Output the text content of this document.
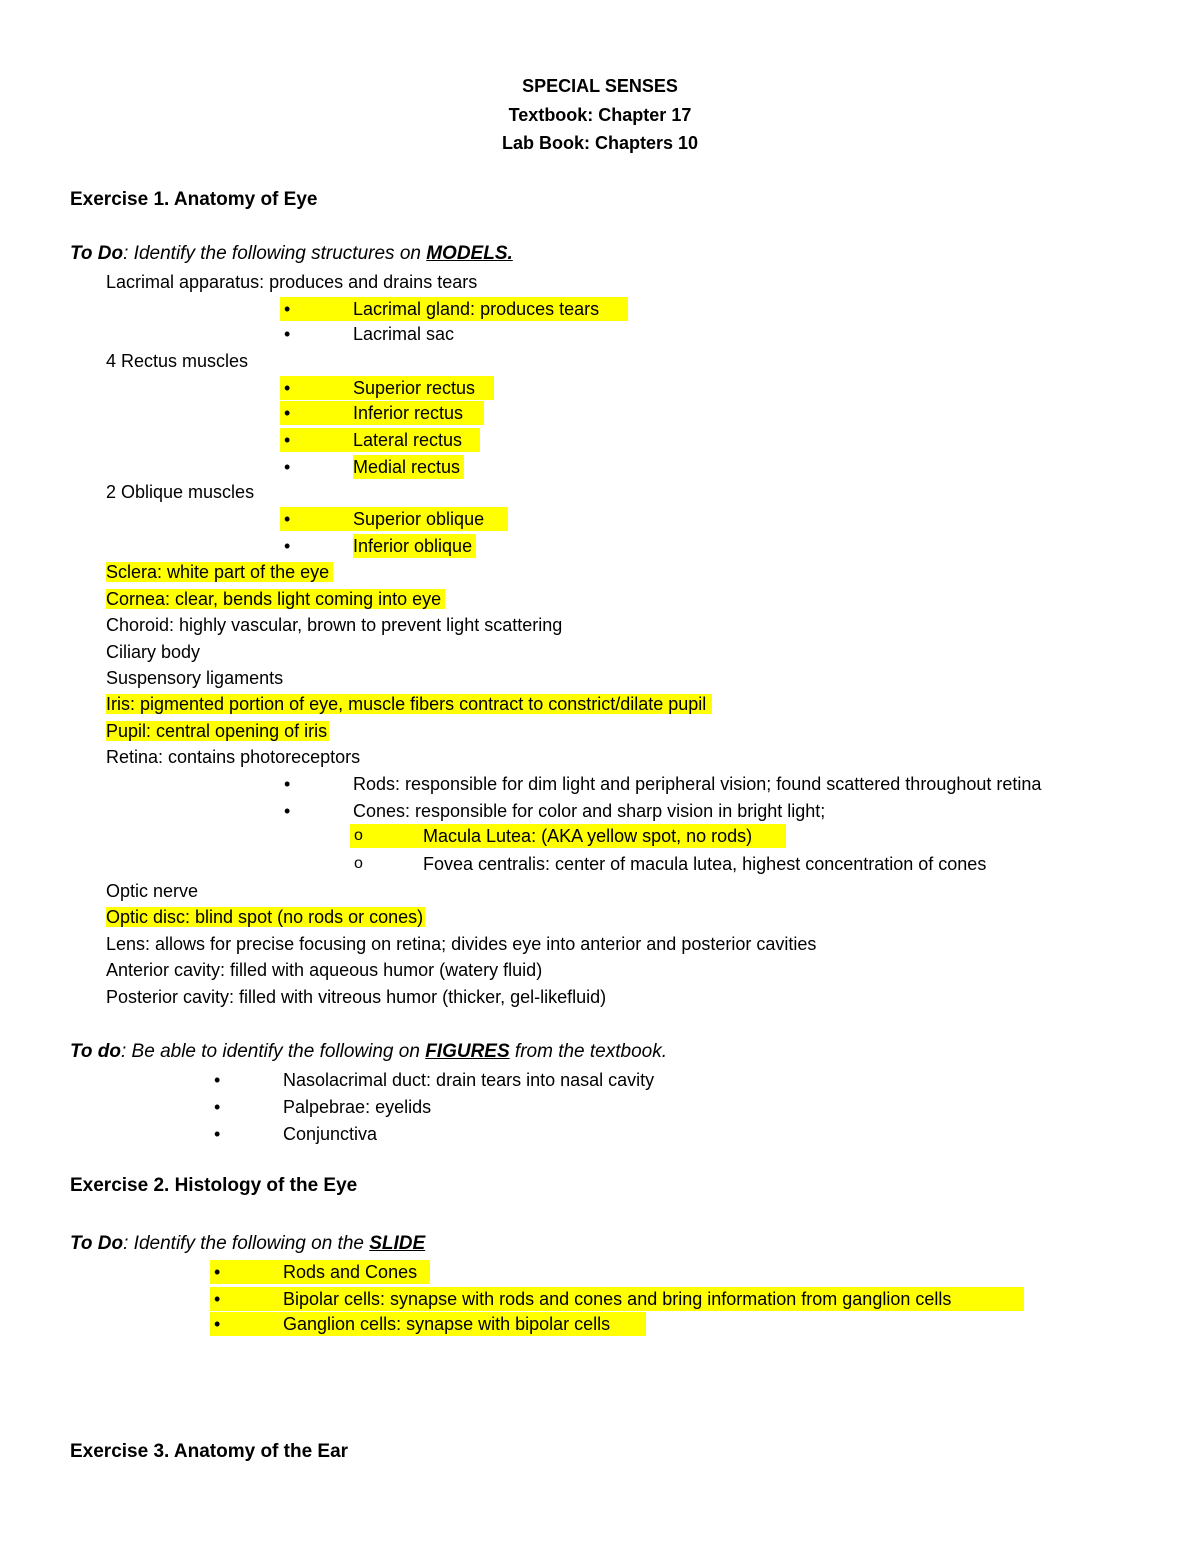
SPECIAL SENSES
Textbook: Chapter 17
Lab Book: Chapters 10
Exercise 1. Anatomy of Eye
To Do: Identify the following structures on MODELS.
Lacrimal apparatus: produces and drains tears
•	Lacrimal gland: produces tears
•	Lacrimal sac
4 Rectus muscles
•	Superior rectus
•	Inferior rectus
•	Lateral rectus
•	Medial rectus
2 Oblique muscles
•	Superior oblique
•	Inferior oblique
Sclera: white part of the eye
Cornea: clear, bends light coming into eye
Choroid: highly vascular, brown to prevent light scattering
Ciliary body
Suspensory ligaments
Iris: pigmented portion of eye, muscle fibers contract to constrict/dilate pupil
Pupil: central opening of iris
Retina: contains photoreceptors
•	Rods: responsible for dim light and peripheral vision; found scattered throughout retina
•	Cones: responsible for color and sharp vision in bright light;
o	Macula Lutea: (AKA yellow spot, no rods)
o	Fovea centralis: center of macula lutea, highest concentration of cones
Optic nerve
Optic disc: blind spot (no rods or cones)
Lens: allows for precise focusing on retina; divides eye into anterior and posterior cavities
Anterior cavity: filled with aqueous humor (watery fluid)
Posterior cavity: filled with vitreous humor (thicker, gel-likefluid)
To do: Be able to identify the following on FIGURES from the textbook.
•	Nasolacrimal duct: drain tears into nasal cavity
•	Palpebrae: eyelids
•	Conjunctiva
Exercise 2. Histology of the Eye
To Do: Identify the following on the SLIDE
•	Rods and Cones
•	Bipolar cells: synapse with rods and cones and bring information from ganglion cells
•	Ganglion cells: synapse with bipolar cells
Exercise 3. Anatomy of the Ear
